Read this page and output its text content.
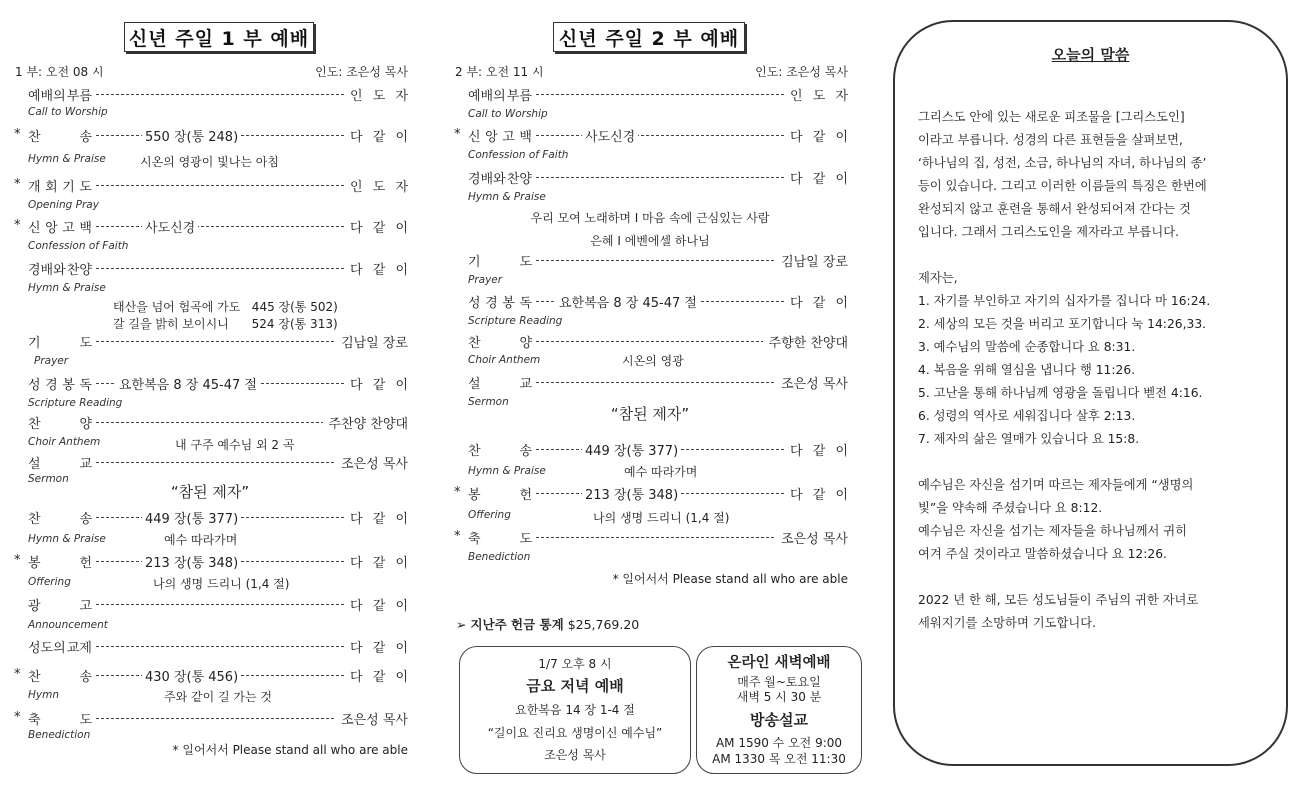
신년 주일 1 부 예배
1 부: 오전 08 시	인도: 조은성 목사
예배의 부름	인 도 자
Call to Worship
* 찬	송	550 장(통 248)	다 같 이
Hymn & Praise	시온의 영광이 빛나는 아침
* 개 회 기 도	인 도 자
Opening Pray
* 신 앙 고 백	사도신경	다 같 이
Confession of Faith
경배와 찬양	다 같 이
Hymn & Praise
태산을 넘어 험곡에 가도   445 장(통 502)
갈 길을 밝히 보이시니      524 장(통 313)
기	도	김남일 장로
Prayer
성 경 봉 독 요한복음 8 장 45-47 절	다 같 이
Scripture Reading
찬	양	주찬양 찬양대
Choir Anthem	내 구주 예수님 외 2 곡
설	교	조은성 목사
Sermon
찬	송	449 장(통 377)	다 같 이
Hymn & Praise	예수 따라가며
* 봉	헌	213 장(통 348)	다 같 이
Offering	나의 생명 드리니 (1,4 절)
광	고	다 같 이
Announcement
성도의 교제	다 같 이
* 찬	송	430 장(통 456)	다 같 이
Hymn	주와 같이 길 가는 것
* 축	도	조은성 목사
Benediction
“참된 제자”
* 일어서서 Please stand all who are able
신년 주일 2 부 예배
2 부: 오전 11 시	인도: 조은성 목사
예배의 부름	인 도 자
Call to Worship
* 신 앙 고 백	사도신경	다 같 이
Confession of Faith
경배와 찬양	다 같 이
Hymn & Praise
우리 모여 노래하며 I 마음 속에 근심있는 사람
은혜 I 에벤에셀 하나님
기	도	김남일 장로
Prayer
성 경 봉 독 요한복음 8 장 45-47 절	다 같 이
Scripture Reading
찬	양	주향한 찬양대
Choir Anthem	시온의 영광
설	교	조은성 목사
Sermon
찬	송	449 장(통 377)	다 같 이
Hymn & Praise	예수 따라가며
* 봉	헌	213 장(통 348)	다 같 이
Offering	나의 생명 드리니 (1,4 절)
* 축	도	조은성 목사
Benediction
“참된 제자”
* 일어서서 Please stand all who are able
➢ 지난주 헌금 통계 $25,769.20
1/7 오후 8 시
금요 저녁 예배
요한복음 14 장 1-4 절
“길이요 진리요 생명이신 예수님”
조은성 목사
온라인 새벽예배
매주 월~토요일
새벽 5 시 30 분
방송설교
AM 1590 수 오전 9:00
AM 1330 목 오전 11:30
오늘의 말씀
그리스도 안에 있는 새로운 피조물을 [그리스도인]
이라고 부릅니다. 성경의 다른 표현들을 살펴보면,
‘하나님의 집, 성전, 소금, 하나님의 자녀, 하나님의 종’
등이 있습니다. 그리고 이러한 이름들의 특징은 한번에
완성되지 않고 훈련을 통해서 완성되어져 간다는 것
입니다. 그래서 그리스도인을 제자라고 부릅니다.
제자는,
1. 자기를 부인하고 자기의 십자가를 집니다 마 16:24.
2. 세상의 모든 것을 버리고 포기합니다 눅 14:26,33.
3. 예수님의 말씀에 순종합니다 요 8:31.
4. 복음을 위해 열심을 냅니다 행 11:26.
5. 고난을 통해 하나님께 영광을 돌립니다 벧전 4:16.
6. 성령의 역사로 세워집니다 살후 2:13.
7. 제자의 삶은 열매가 있습니다 요 15:8.
예수님은 자신을 섬기며 따르는 제자들에게 “생명의
빛”을 약속해 주셨습니다 요 8:12.
예수님은 자신을 섬기는 제자들을 하나님께서 귀히
여겨 주실 것이라고 말씀하셨습니다 요 12:26.
2022 년 한 해, 모든 성도님들이 주님의 귀한 자녀로
세워지기를 소망하며 기도합니다.
